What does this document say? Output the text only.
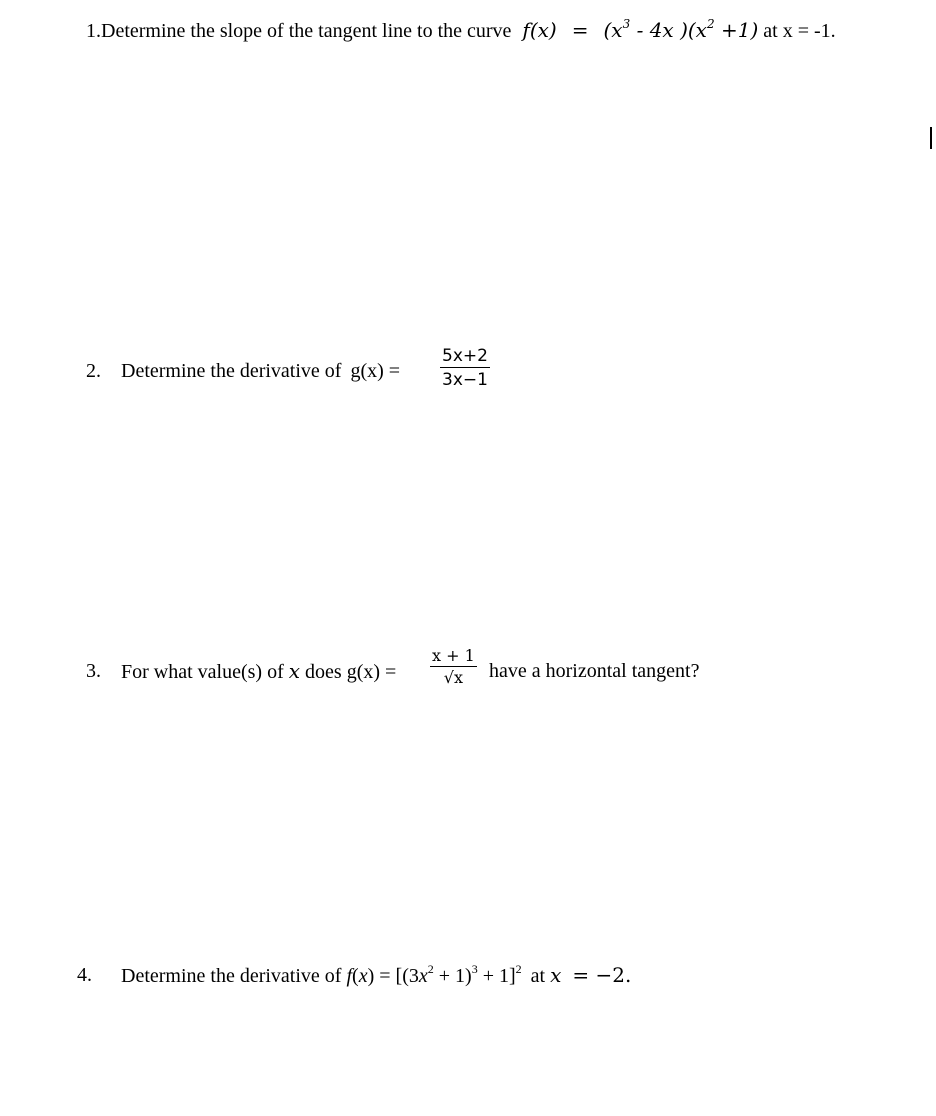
1.Determine the slope of the tangent line to the curve $f(x) = (x^3 - 4x$ )$(x^2 +1)$ at x = -1.
2. Determine the derivative of g(x) =
5x+2
3x−1
3. For what value(s) of x does g(x) =
x + 1
√x have a horizontal tangent?
4. Determine the derivative of $f(x) = [(3x^2 + 1)^3 + 1]^2$ at x = −2.
